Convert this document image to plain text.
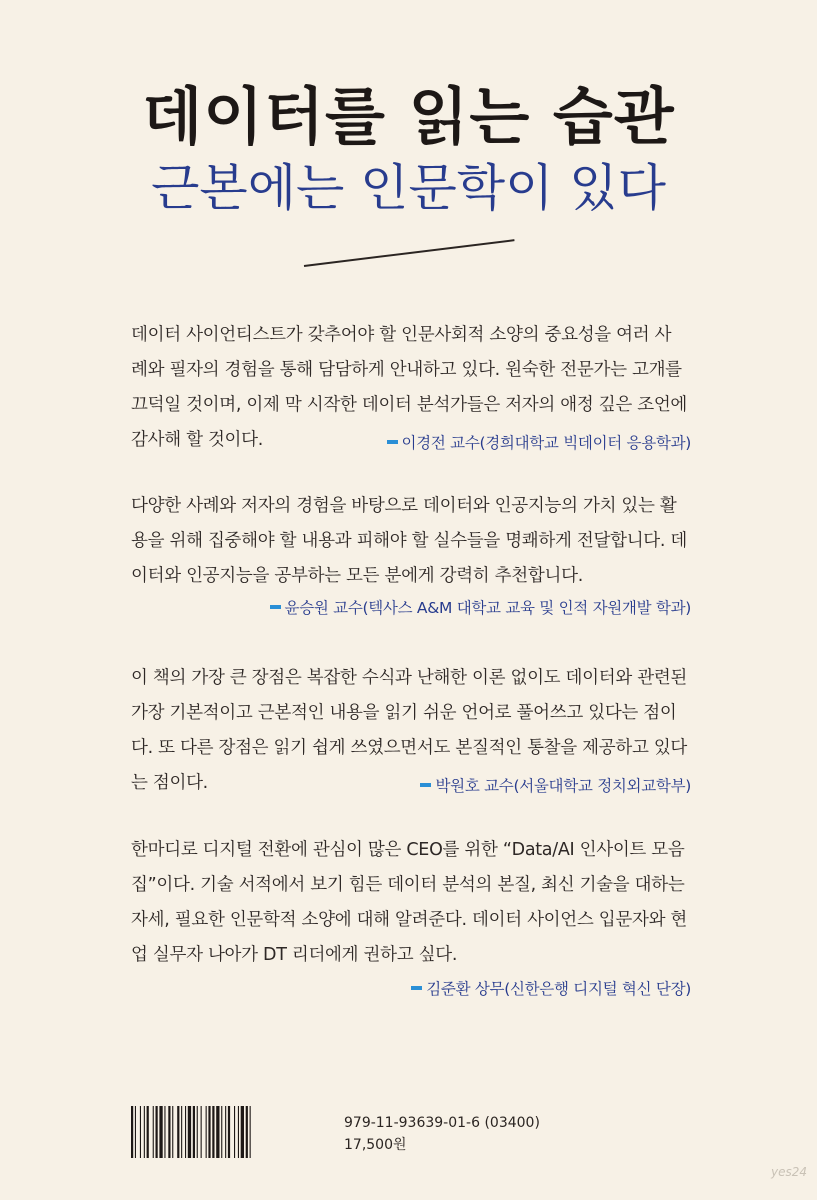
데이터를 읽는 습관
근본에는 인문학이 있다

데이터 사이언티스트가 갖추어야 할 인문사회적 소양의 중요성을 여러 사
례와 필자의 경험을 통해 담담하게 안내하고 있다. 원숙한 전문가는 고개를
끄덕일 것이며, 이제 막 시작한 데이터 분석가들은 저자의 애정 깊은 조언에
감사해 할 것이다.	이경전 교수(경희대학교 빅데이터 응용학과)

다양한 사례와 저자의 경험을 바탕으로 데이터와 인공지능의 가치 있는 활
용을 위해 집중해야 할 내용과 피해야 할 실수들을 명쾌하게 전달합니다. 데
이터와 인공지능을 공부하는 모든 분에게 강력히 추천합니다.

윤승원 교수(텍사스 A&M 대학교 교육 및 인적 자원개발 학과)

이 책의 가장 큰 장점은 복잡한 수식과 난해한 이론 없이도 데이터와 관련된
가장 기본적이고 근본적인 내용을 읽기 쉬운 언어로 풀어쓰고 있다는 점이
다. 또 다른 장점은 읽기 쉽게 쓰였으면서도 본질적인 통찰을 제공하고 있다
는 점이다.	박원호 교수(서울대학교 정치외교학부)

한마디로 디지털 전환에 관심이 많은 CEO를 위한 “Data/AI 인사이트 모음
집”이다. 기술 서적에서 보기 힘든 데이터 분석의 본질, 최신 기술을 대하는
자세, 필요한 인문학적 소양에 대해 알려준다. 데이터 사이언스 입문자와 현
업 실무자 나아가 DT 리더에게 권하고 싶다.

김준환 상무(신한은행 디지털 혁신 단장)
979-11-93639-01-6 (03400)
17,500원
yes24
